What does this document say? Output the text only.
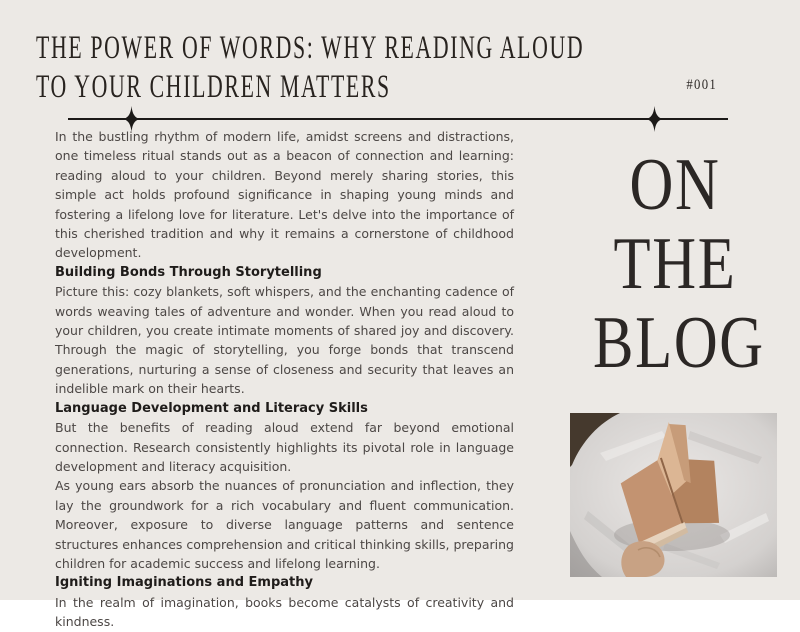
THE POWER OF WORDS: WHY READING ALOUD
TO YOUR CHILDREN MATTERS	#001

In the bustling rhythm of modern life, amidst screens and distractions, one timeless ritual stands out as a beacon of connection and learning: reading aloud to your children. Beyond merely sharing stories, this simple act holds profound significance in shaping young minds and fostering a lifelong love for literature. Let's delve into the importance of this cherished tradition and why it remains a cornerstone of childhood development.

Building Bonds Through Storytelling

Picture this: cozy blankets, soft whispers, and the enchanting cadence of words weaving tales of adventure and wonder. When you read aloud to your children, you create intimate moments of shared joy and discovery. Through the magic of storytelling, you forge bonds that transcend generations, nurturing a sense of closeness and security that leaves an indelible mark on their hearts.

Language Development and Literacy Skills

But the benefits of reading aloud extend far beyond emotional connection. Research consistently highlights its pivotal role in language development and literacy acquisition.

As young ears absorb the nuances of pronunciation and inflection, they lay the groundwork for a rich vocabulary and fluent communication. Moreover, exposure to diverse language patterns and sentence structures enhances comprehension and critical thinking skills, preparing children for academic success and lifelong learning.

Igniting Imaginations and Empathy

In the realm of imagination, books become catalysts of creativity and kindness.

ON
THE
BLOG
